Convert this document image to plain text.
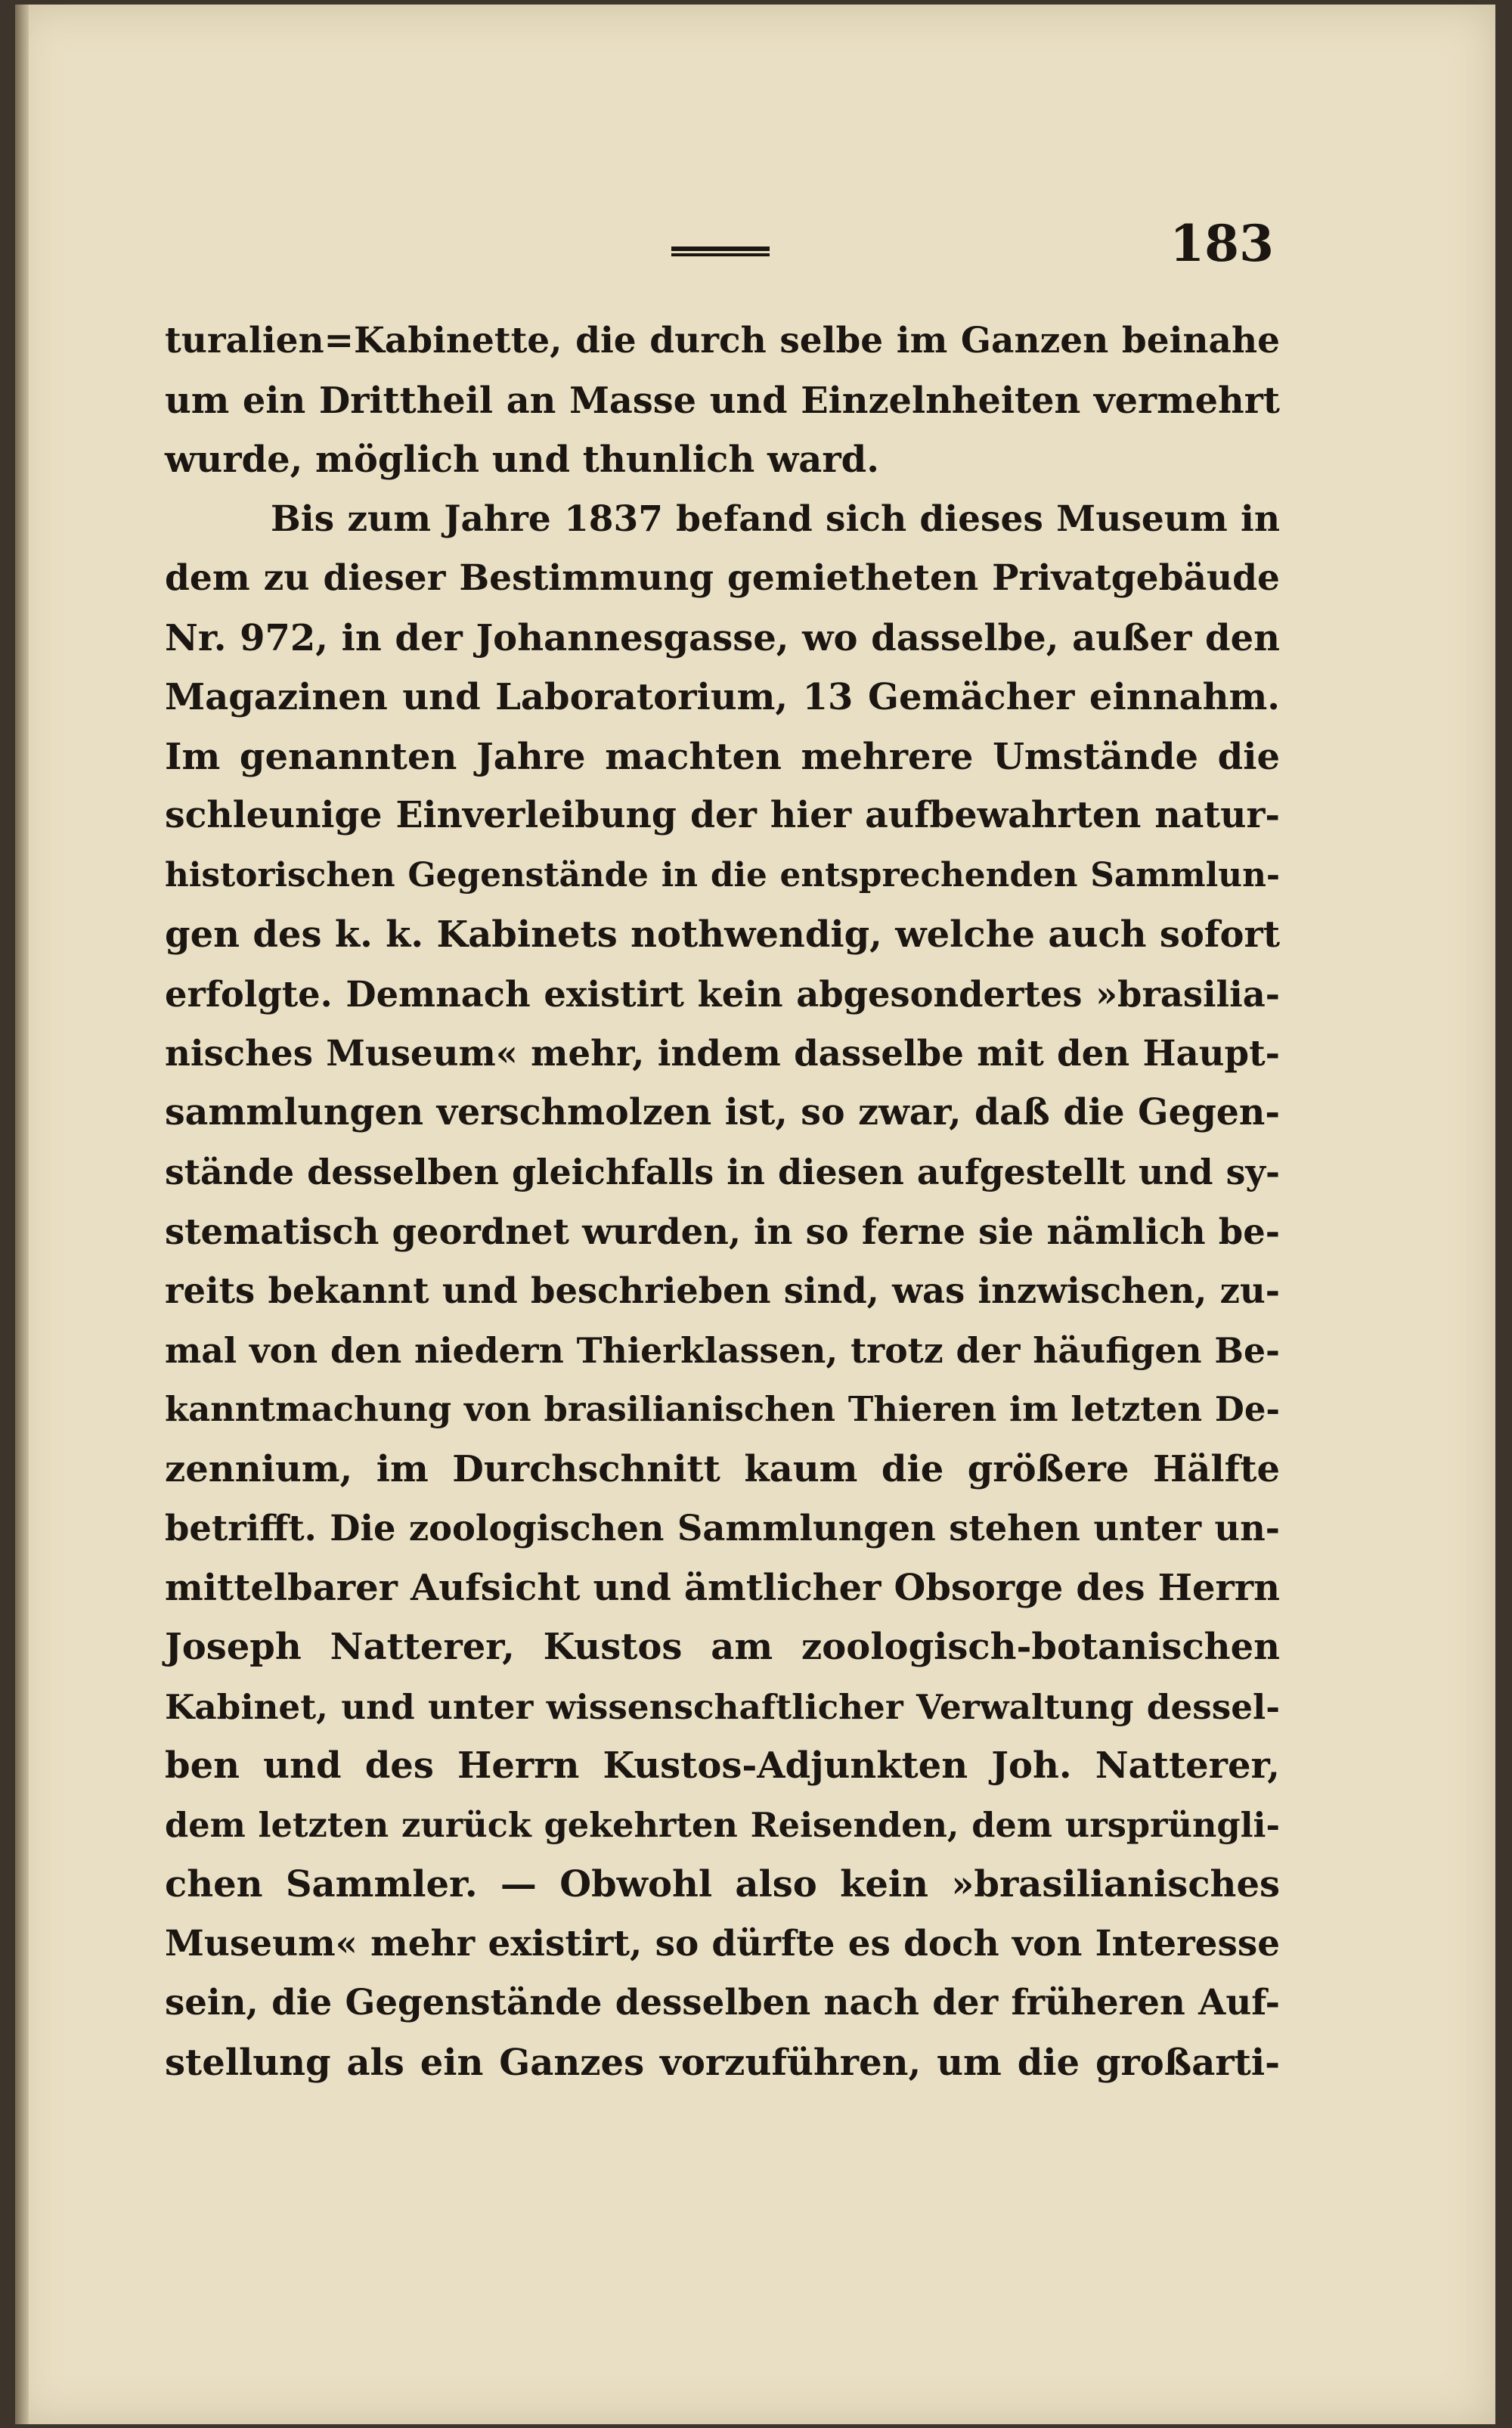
183
turalien=Kabinette, die durch selbe im Ganzen beinahe
um ein Drittheil an Masse und Einzelnheiten vermehrt
wurde, möglich und thunlich ward.
Bis zum Jahre 1837 befand sich dieses Museum in
dem zu dieser Bestimmung gemietheten Privatgebäude
Nr. 972, in der Johannesgasse, wo dasselbe, außer den
Magazinen und Laboratorium, 13 Gemächer einnahm.
Im genannten Jahre machten mehrere Umstände die
schleunige Einverleibung der hier aufbewahrten natur-
historischen Gegenstände in die entsprechenden Sammlun-
gen des k. k. Kabinets nothwendig, welche auch sofort
erfolgte. Demnach existirt kein abgesondertes »brasilia-
nisches Museum« mehr, indem dasselbe mit den Haupt-
sammlungen verschmolzen ist, so zwar, daß die Gegen-
stände desselben gleichfalls in diesen aufgestellt und sy-
stematisch geordnet wurden, in so ferne sie nämlich be-
reits bekannt und beschrieben sind, was inzwischen, zu-
mal von den niedern Thierklassen, trotz der häufigen Be-
kanntmachung von brasilianischen Thieren im letzten De-
zennium, im Durchschnitt kaum die größere Hälfte
betrifft. Die zoologischen Sammlungen stehen unter un-
mittelbarer Aufsicht und ämtlicher Obsorge des Herrn
Joseph Natterer, Kustos am zoologisch-botanischen
Kabinet, und unter wissenschaftlicher Verwaltung dessel-
ben und des Herrn Kustos-Adjunkten Joh. Natterer,
dem letzten zurück gekehrten Reisenden, dem ursprüngli-
chen Sammler. — Obwohl also kein »brasilianisches
Museum« mehr existirt, so dürfte es doch von Interesse
sein, die Gegenstände desselben nach der früheren Auf-
stellung als ein Ganzes vorzuführen, um die großarti-
